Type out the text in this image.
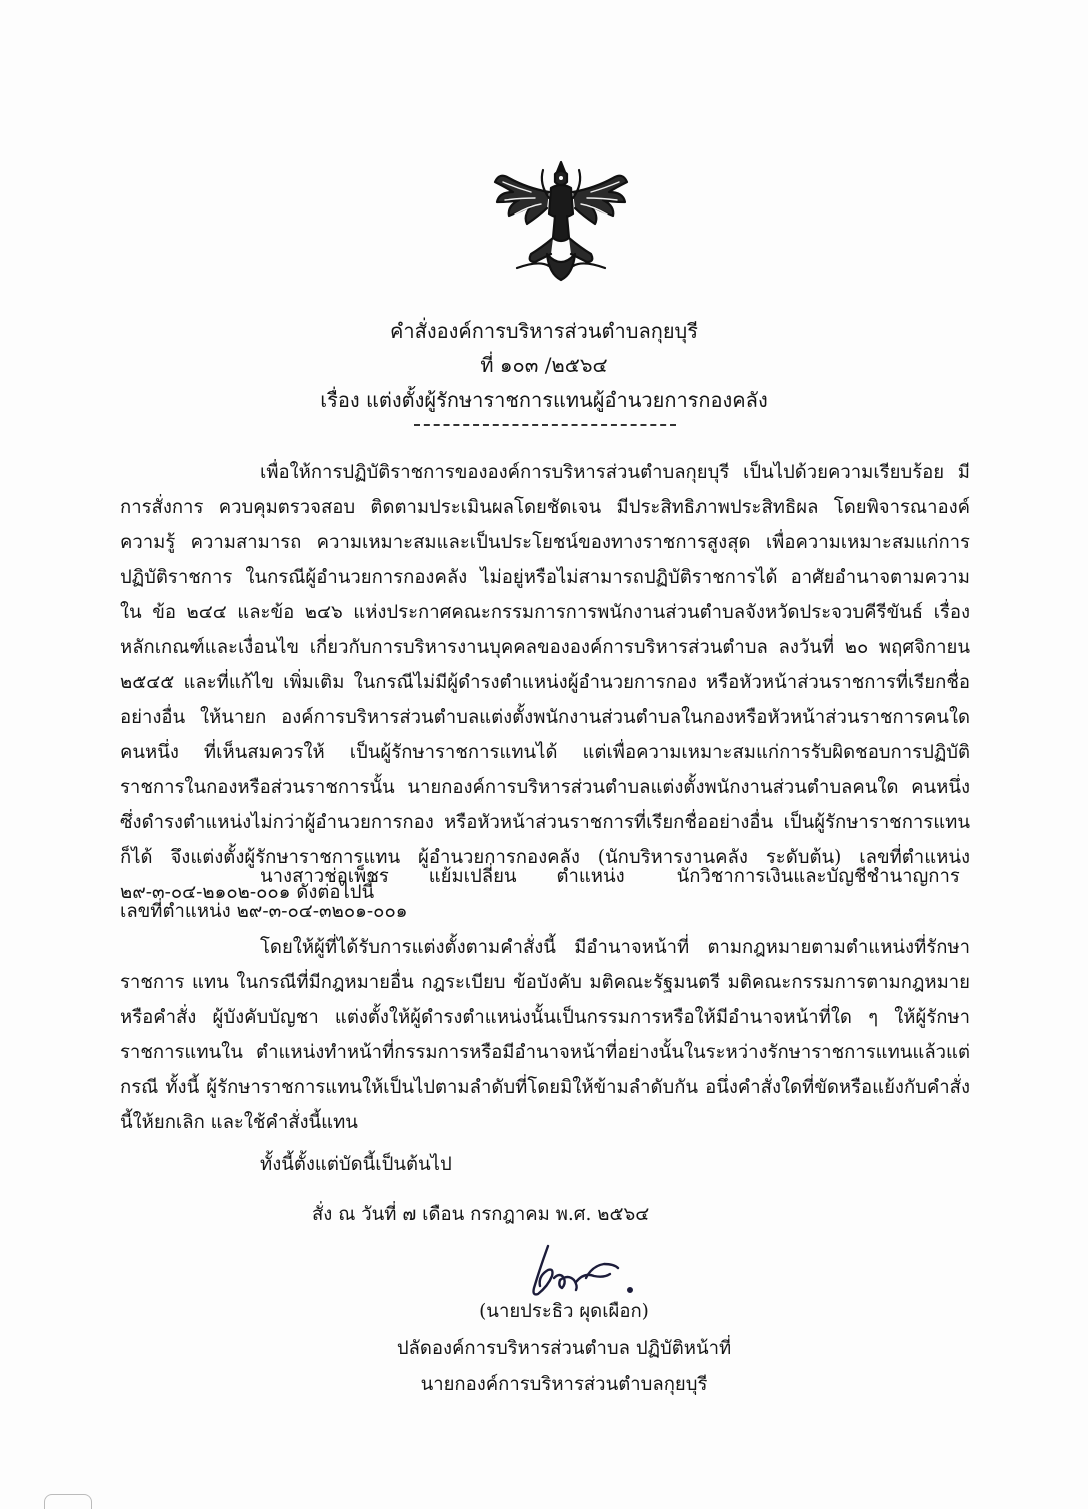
คำสั่งองค์การบริหารส่วนตำบลกุยบุรี
ที่ ๑๐๓ /๒๕๖๔
เรื่อง แต่งตั้งผู้รักษาราชการแทนผู้อำนวยการกองคลัง

เพื่อให้การปฏิบัติราชการขององค์การบริหารส่วนตำบลกุยบุรี เป็นไปด้วยความเรียบร้อย มีการสั่งการ ควบคุมตรวจสอบ ติดตามประเมินผลโดยชัดเจน มีประสิทธิภาพประสิทธิผล โดยพิจารณาองค์ความรู้ ความสามารถ ความเหมาะสมและเป็นประโยชน์ของทางราชการสูงสุด เพื่อความเหมาะสมแก่การปฏิบัติราชการ ในกรณีผู้อำนวยการกองคลัง ไม่อยู่หรือไม่สามารถปฏิบัติราชการได้ อาศัยอำนาจตามความใน ข้อ ๒๔๔ และข้อ ๒๔๖ แห่งประกาศคณะกรรมการการพนักงานส่วนตำบลจังหวัดประจวบคีรีขันธ์ เรื่อง หลักเกณฑ์และเงื่อนไข เกี่ยวกับการบริหารงานบุคคลขององค์การบริหารส่วนตำบล ลงวันที่ ๒๐ พฤศจิกายน ๒๕๔๕ และที่แก้ไข เพิ่มเติม ในกรณีไม่มีผู้ดำรงตำแหน่งผู้อำนวยการกอง หรือหัวหน้าส่วนราชการที่เรียกชื่ออย่างอื่น ให้นายก องค์การบริหารส่วนตำบลแต่งตั้งพนักงานส่วนตำบลในกองหรือหัวหน้าส่วนราชการคนใด คนหนึ่ง ที่เห็นสมควรให้ เป็นผู้รักษาราชการแทนได้ แต่เพื่อความเหมาะสมแก่การรับผิดชอบการปฏิบัติราชการในกองหรือส่วนราชการนั้น นายกองค์การบริหารส่วนตำบลแต่งตั้งพนักงานส่วนตำบลคนใด คนหนึ่งซึ่งดำรงตำแหน่งไม่กว่าผู้อำนวยการกอง หรือหัวหน้าส่วนราชการที่เรียกชื่ออย่างอื่น เป็นผู้รักษาราชการแทนก็ได้ จึงแต่งตั้งผู้รักษาราชการแทน ผู้อำนวยการกองคลัง (นักบริหารงานคลัง ระดับต้น) เลขที่ตำแหน่ง ๒๙-๓-๐๔-๒๑๐๒-๐๐๑ ดังต่อไปนี้

นางสาวช่อเพ็ชร แย้มเปลี่ยน ตำแหน่ง	นักวิชาการเงินและบัญชีชำนาญการ
เลขที่ตำแหน่ง ๒๙-๓-๐๔-๓๒๐๑-๐๐๑

โดยให้ผู้ที่ได้รับการแต่งตั้งตามคำสั่งนี้ มีอำนาจหน้าที่ ตามกฎหมายตามตำแหน่งที่รักษาราชการ แทน ในกรณีที่มีกฎหมายอื่น กฎระเบียบ ข้อบังคับ มติคณะรัฐมนตรี มติคณะกรรมการตามกฎหมายหรือคำสั่ง ผู้บังคับบัญชา แต่งตั้งให้ผู้ดำรงตำแหน่งนั้นเป็นกรรมการหรือให้มีอำนาจหน้าที่ใด ๆ ให้ผู้รักษาราชการแทนใน ตำแหน่งทำหน้าที่กรรมการหรือมีอำนาจหน้าที่อย่างนั้นในระหว่างรักษาราชการแทนแล้วแต่กรณี ทั้งนี้ ผู้รักษาราชการแทนให้เป็นไปตามลำดับที่โดยมิให้ข้ามลำดับกัน อนึ่งคำสั่งใดที่ขัดหรือแย้งกับคำสั่งนี้ให้ยกเลิก และใช้คำสั่งนี้แทน

ทั้งนี้ตั้งแต่บัดนี้เป็นต้นไป
สั่ง ณ วันที่ ๗ เดือน กรกฎาคม พ.ศ. ๒๕๖๔
(นายประธิว ผุดเผือก)
ปลัดองค์การบริหารส่วนตำบล ปฏิบัติหน้าที่
นายกองค์การบริหารส่วนตำบลกุยบุรี
